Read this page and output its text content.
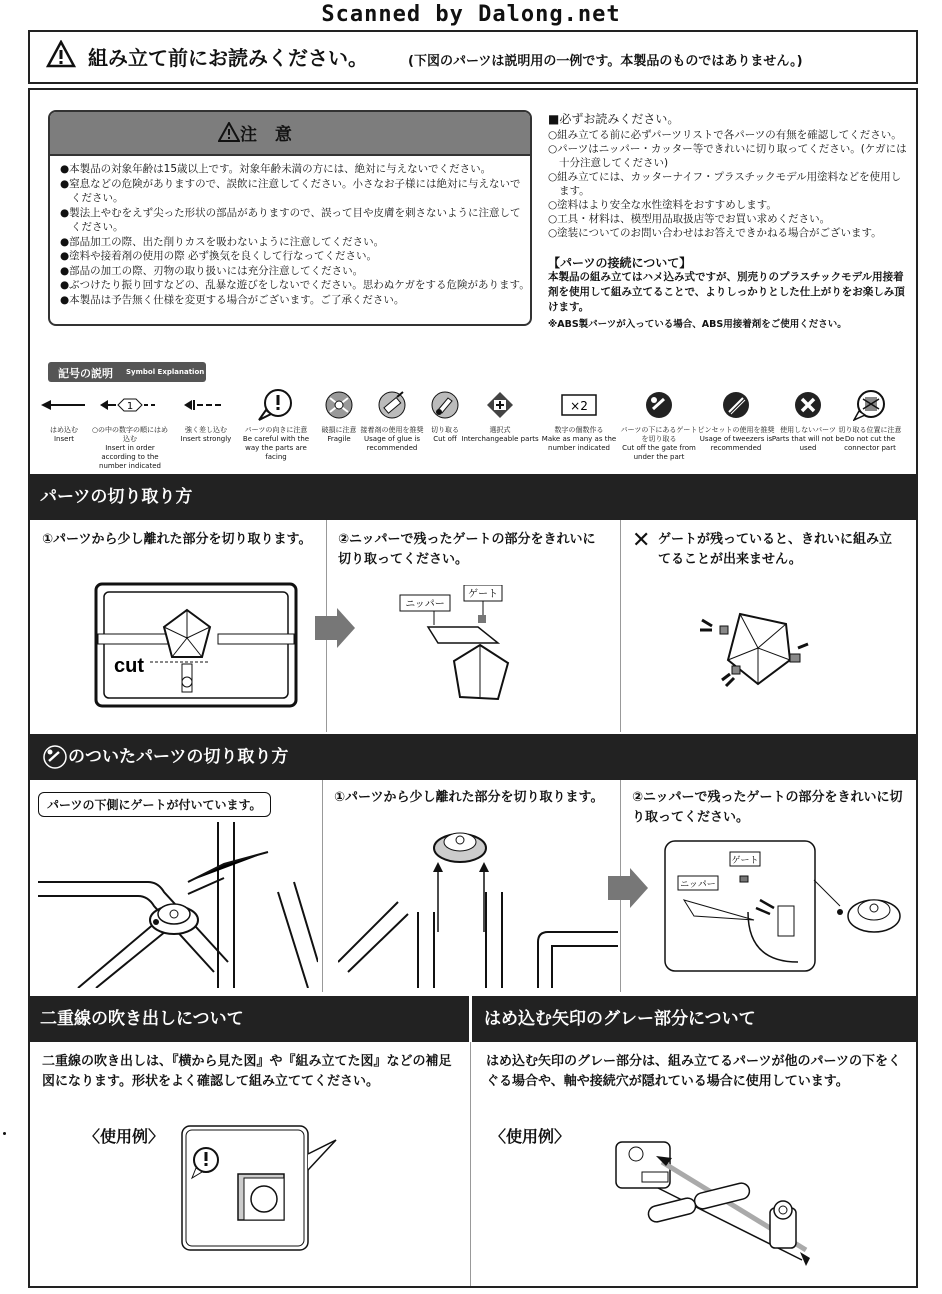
Scanned by Dalong.net
組み立て前にお読みください。	(下図のパーツは説明用の一例です。本製品のものではありません。)
注 意
●本製品の対象年齢は15歳以上です。対象年齢未満の方には、絶対に与えないでください。
●窒息などの危険がありますので、誤飲に注意してください。小さなお子様には絶対に与えないでください。
●製法上やむをえず尖った形状の部品がありますので、誤って目や皮膚を刺さないように注意してください。
●部品加工の際、出た削りカスを吸わないように注意してください。
●塗料や接着剤の使用の際 必ず換気を良くして行なってください。
●部品の加工の際、刃物の取り扱いには充分注意してください。
●ぶつけたり振り回すなどの、乱暴な遊びをしないでください。思わぬケガをする危険があります。
●本製品は予告無く仕様を変更する場合がございます。ご了承ください。
■必ずお読みください。
○組み立てる前に必ずパーツリストで各パーツの有無を確認してください。
○パーツはニッパー・カッター等できれいに切り取ってください。(ケガには十分注意してください)
○組み立てには、カッターナイフ・プラスチックモデル用塗料などを使用します。
○塗料はより安全な水性塗料をおすすめします。
○工具・材料は、模型用品取扱店等でお買い求めください。
○塗装についてのお問い合わせはお答えできかねる場合がございます。
【パーツの接続について】
本製品の組み立てはハメ込み式ですが、別売りのプラスチックモデル用接着剤を使用して組み立てることで、よりしっかりとした仕上がりをお楽しみ頂けます。
※ABS製パーツが入っている場合、ABS用接着剤をご使用ください。
記号の説明 Symbol Explanation
はめ込む
Insert
1
○の中の数字の順にはめ込む
Insert in order according to the number indicated
強く差し込む
Insert strongly
パーツの向きに注意
Be careful with the way the parts are facing
破損に注意
Fragile
接着剤の使用を推奨
Usage of glue is recommended
切り取る
Cut off
選択式
Interchangeable parts
×2
数字の個数作る
Make as many as the number indicated
パーツの下にあるゲートを切り取る
Cut off the gate from under the part
ピンセットの使用を推奨
Usage of tweezers is recommended
使用しないパーツ
Parts that will not be used
切り取る位置に注意
Do not cut the connector part
パーツの切り取り方
①パーツから少し離れた部分を切り取ります。
cut
②ニッパーで残ったゲートの部分をきれいに切り取ってください。
ニッパー
ゲート
✕ ゲートが残っていると、きれいに組み立てることが出来ません。
のついたパーツの切り取り方
パーツの下側にゲートが付いています。	①パーツから少し離れた部分を切り取ります。	②ニッパーで残ったゲートの部分をきれいに切り取ってください。
ゲート
ニッパー
二重線の吹き出しについて	はめ込む矢印のグレー部分について
二重線の吹き出しは、『横から見た図』や『組み立てた図』などの補足図になります。形状をよく確認して組み立ててください。
〈使用例〉
はめ込む矢印のグレー部分は、組み立てるパーツが他のパーツの下をくぐる場合や、軸や接続穴が隠れている場合に使用しています。
〈使用例〉
